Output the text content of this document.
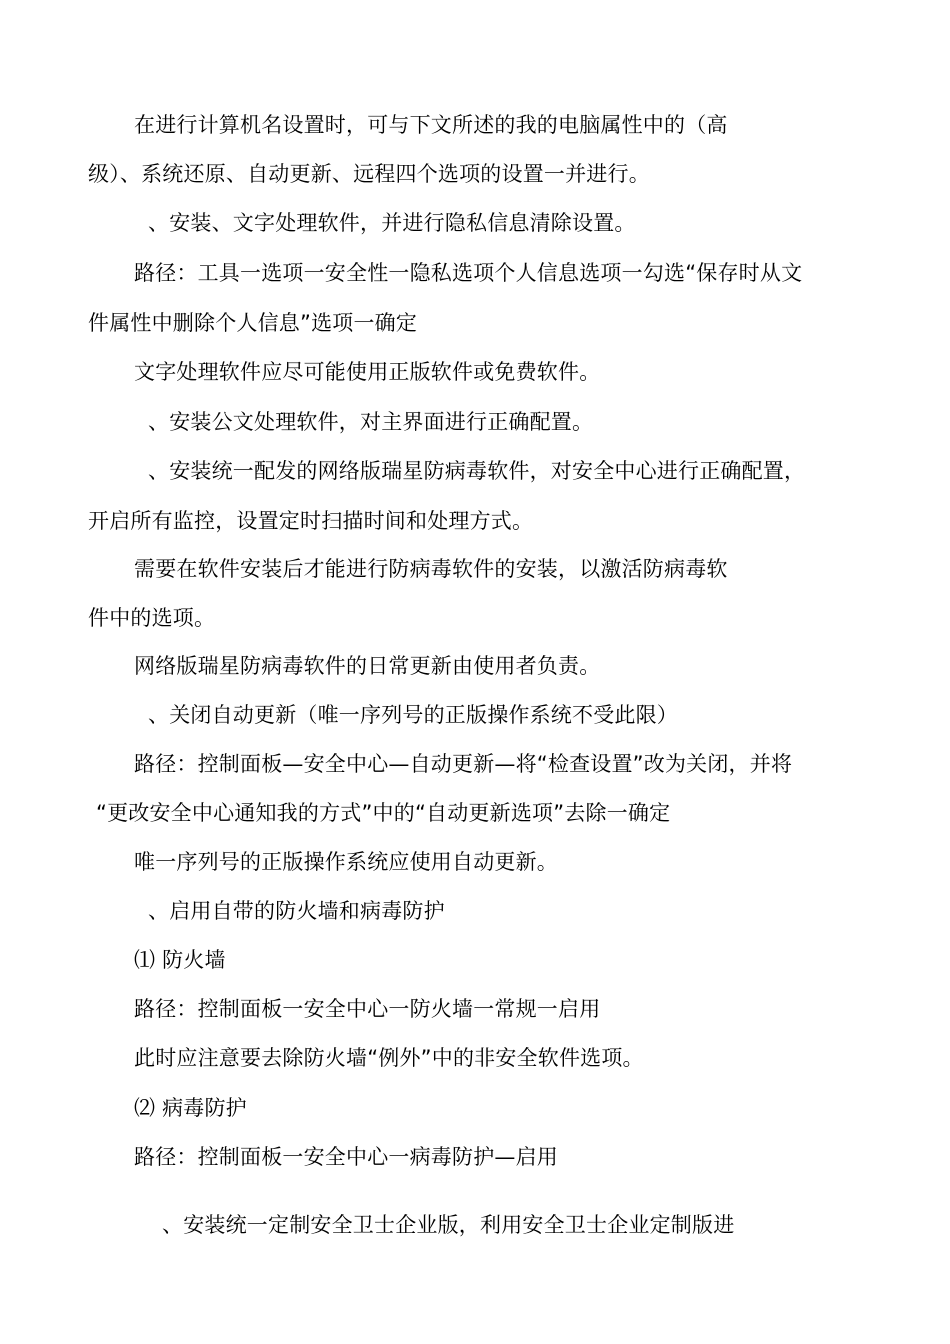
在进行计算机名设置时，可与下文所述的我的电脑属性中的（高
级）、系统还原、自动更新、远程四个选项的设置一并进行。
、安装、文字处理软件，并进行隐私信息清除设置。
路径：工具一选项一安全性一隐私选项个人信息选项一勾选“保存时从文
件属性中删除个人信息”选项一确定
文字处理软件应尽可能使用正版软件或免费软件。
、安装公文处理软件，对主界面进行正确配置。
、安装统一配发的网络版瑞星防病毒软件，对安全中心进行正确配置，
开启所有监控，设置定时扫描时间和处理方式。
需要在软件安装后才能进行防病毒软件的安装，以激活防病毒软
件中的选项。
网络版瑞星防病毒软件的日常更新由使用者负责。
、关闭自动更新（唯一序列号的正版操作系统不受此限）
路径：控制面板—安全中心—自动更新—将“检查设置”改为关闭，并将
“更改安全中心通知我的方式”中的“自动更新选项”去除一确定
唯一序列号的正版操作系统应使用自动更新。
、启用自带的防火墙和病毒防护
⑴ 防火墙
路径：控制面板一安全中心一防火墙一常规一启用
此时应注意要去除防火墙“例外”中的非安全软件选项。
⑵ 病毒防护
路径：控制面板一安全中心一病毒防护—启用
、安装统一定制安全卫士企业版，利用安全卫士企业定制版进
